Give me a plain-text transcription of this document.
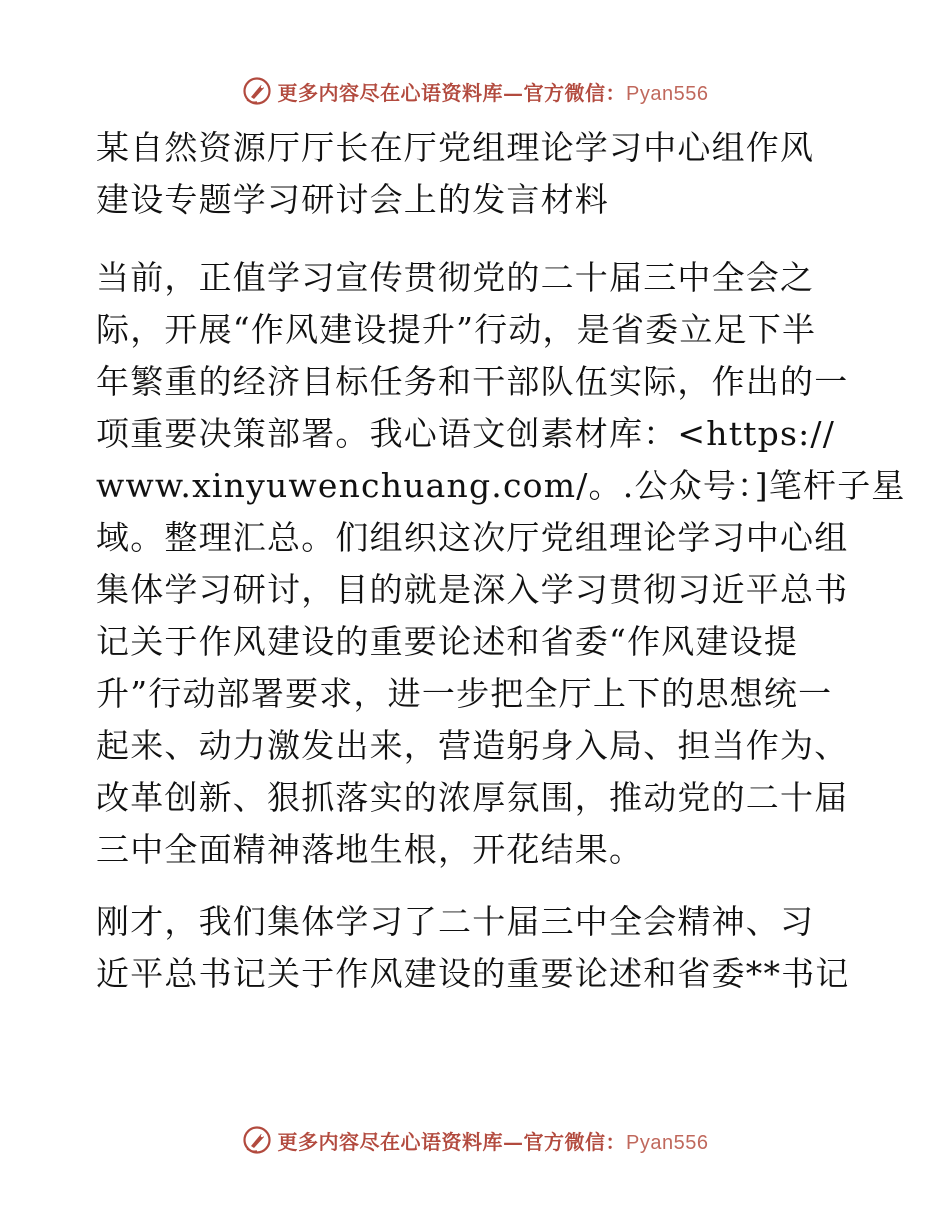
更多内容尽在心语资料库—官方微信：Pyan556
某自然资源厅厅长在厅党组理论学习中心组作风
建设专题学习研讨会上的发言材料
当前，正值学习宣传贯彻党的二十届三中全会之
际，开展“作风建设提升”行动，是省委立足下半
年繁重的经济目标任务和干部队伍实际，作出的一
项重要决策部署。我心语文创素材库：<https://
www.xinyuwenchuang.com/。.公众号：]笔杆子星
域。整理汇总。们组织这次厅党组理论学习中心组
集体学习研讨，目的就是深入学习贯彻习近平总书
记关于作风建设的重要论述和省委“作风建设提
升”行动部署要求，进一步把全厅上下的思想统一
起来、动力激发出来，营造躬身入局、担当作为、
改革创新、狠抓落实的浓厚氛围，推动党的二十届
三中全面精神落地生根，开花结果。
刚才，我们集体学习了二十届三中全会精神、习
近平总书记关于作风建设的重要论述和省委**书记
更多内容尽在心语资料库—官方微信：Pyan556
